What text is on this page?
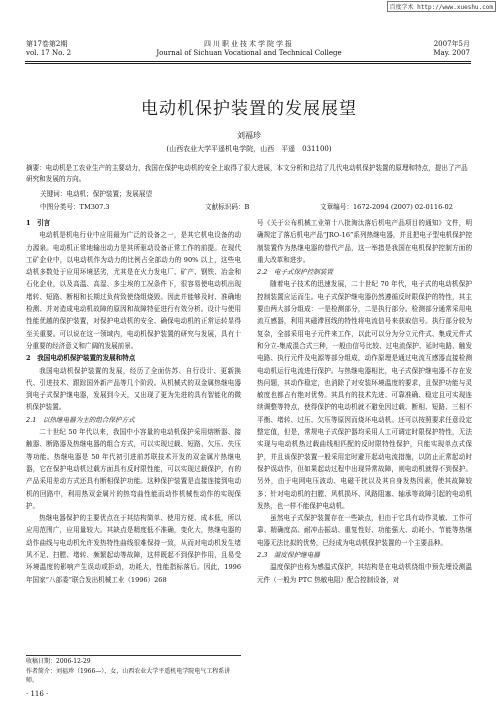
百度学术 http://www.xueshu.com
第17卷第2期
vol. 17 No. 2
四川职业技术学院学报
Journal of Sichuan Vocational and Technical College
2007年5月
May. 2007
电动机保护装置的发展展望
刘福珍
(山西农业大学平遥机电学院，山西　平遥　031100)
摘要：电动机是工农业生产的主要动力，我国在保护电动机的安全上取得了很大进展，本文分析和总结了几代电动机保护装置的原理和特点，提出了产品研究和发展的方向。
关键词：电动机；保护装置；发展展望
中图分类号：TM307.3	文献标识码：B	文章编号：1672-2094 (2007) 02-0116-02

1　引言

电动机是机电行业中应用最为广泛的设备之一，是其它机电设备的动力源泉。电动机正常地输出动力是其所驱动设备正常工作的前提。在现代工矿企业中，以电动机作为动力的比例占全部动力的 90% 以上，这些电动机多数处于应用环境恶劣，尤其是在火力发电厂、矿产、钢铁、冶金和石化企业，以及高温、高湿、多尘埃的工况条件下，很容易使电动机出现堵转、短路、断相和长期过负荷致使绕组烧毁。因此并能够及时、准确地检测、并对造成电动机故障的原因和故障特征进行有效分析。设计与使用性能优越的保护装置，对保护电动机的安全、确保电动机的正常运转显得至关重要。可以说在这一领域内，电动机保护装置的研究与发展，具有十分重要的经济意义和广阔的发展前景。

2　我国电动机保护装置的发展和特点

我国电动机保护装置的发展，经历了全面仿苏、自行设计、更新换代、引进技术、跟踪国外新产品等几个阶段。从机械式的双金属热继电器到电子式保护继电器，发展到今天，又出现了更为先进的具有智能化的微机保护装置。

2.1　以热继电器为主的组合保护方式

二十世纪 50 年代以来，我国中小容量的电动机保护采用熔断器、接触器、断路器及热继电器的组合方式，可以实现过载、短路、欠压、失压等功能。热继电器是 50 年代初引进前苏联技术开发的双金属片热继电器，它在保护电动机过载方面具有反时限性能，可以实现过载保护，有的产品采用差动方式还具有断相保护功能。这种保护装置是直接连接到电动机的回路中，利用热双金属片的热弯曲性能而动作机械性动作的实现保护。

热继电器保护的主要优点在于其结构简单、使用方便、成本低，所以应用范围广，应用量较大。其缺点是精度低不准确，变化大，热继电器的动作曲线与电动机允许发热特性曲线很难保持一致，从而对电动机发生堵风不足、扫膛、堵转、频繁起动等故障，这样既起不到保护作用，且易受环境温度的影响产生误动或拒动，功耗大，性能指标落后。因此，1996 年国家“八部委”联合发出机械工业（1996）268

号《关于公布机械工业第十八批淘汰落后机电产品项目的通知》文件，明确规定了落后机电产品“JRO-16”系列热继电器，并且把电子型电机保护控制装置作为热继电器的替代产品，这一举措是我国在电机保护控制方面的重大改革和进步。

2.2　电子式保护控制装置

随着电子技术的迅速发展，二十世纪 70 年代，电子式的电动机保护控制装置应运而生。电子式保护继电器仍然遵循反时限保护的特性，其主要由两大部分组成：一是检测部分，二是执行部分。检测部分通常采用电流互感器，利用其磁滞回线的特性将电流信号来获取信号。执行部分较为复杂，全部采用电子元件来工作，以此可以分为分立元件式、集成元件式和分立-集成混合式三种，一般由信号比较、过电流保护、延时电路、触发电路、执行元件及电源等部分组成，动作原理是通过电流互感器直接检测电动机运行电流进行保护。与热继电器相比，电子式保护继电器不存在发热问题，其动作稳定，也消除了对安装环境温度的要求，且保护功能与灵敏度也都占有绝对优势。其具有的技术先进、可靠准确、稳定且可实现连续调整等特点，使得保护的电动机就不避免因过载、断相、短路、三相不平衡、堵转、过压、欠压等原因而烧坏电动机。还可以按照要求任意设定整定值，但是，常规电子式保护器均采用人工可调定时限保护特性，无法实现与电动机热过载曲线相匹配的反时限特性保护，只能实现单点式保护，并且该保护装置一般采用定时避开起动电流措施，以防止正常起动时保护误动作，但如果起动过程中出现异常故障，则电动机就得不到保护。另外，由于电网电压波动、电磁干扰以及其自身发热因素，使其故障较多；针对电动机的扫膛、风机损坏、风路阻塞、轴承等故障引起的电动机发热，也一样不能保护电动机。

虽然电子式保护装置存在一些缺点，但由于它具有动作灵敏、工作可靠、精确度高、耐冲击振动、重复性好、功能强大、动耗小、节能等热继电器无法比拟的优势，已经成为电动机保护装置的一个主要品种。

2.3　温度保护继电器

温度保护也称为感温式保护，其结构是在电动机绕组中预先埋设测温元件（一般为 PTC 热敏电阻）配合控制设备，对

收稿日期：2006-12-29
作者简介：刘福珍（1966—），女，山西农业大学平遥机电学院电气工程系讲师。
· 116 ·
